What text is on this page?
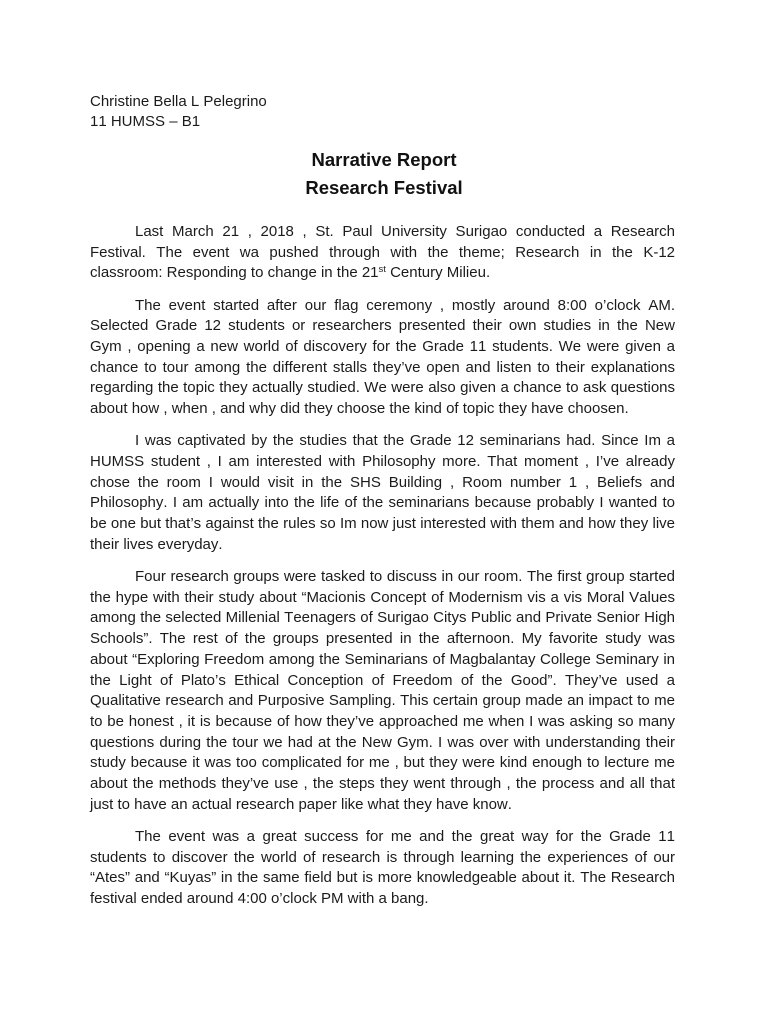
Christine Bella L Pelegrino
11 HUMSS – B1
Narrative Report
Research Festival

Last March 21 , 2018 , St. Paul University Surigao conducted a Research Festival. The event wa pushed through with the theme; Research in the K-12 classroom: Responding to change in the 21st Century Milieu.

The event started after our flag ceremony , mostly around 8:00 o’clock AM. Selected Grade 12 students or researchers presented their own studies in the New Gym , opening a new world of discovery for the Grade 11 students. We were given a chance to tour among the different stalls they’ve open and listen to their explanations regarding the topic they actually studied. We were also given a chance to ask questions about how , when , and why did they choose the kind of topic they have choosen.

I was captivated by the studies that the Grade 12 seminarians had. Since Im a HUMSS student , I am interested with Philosophy more. That moment , I’ve already chose the room I would visit in the SHS Building , Room number 1 , Beliefs and Philosophy. I am actually into the life of the seminarians because probably I wanted to be one but that’s against the rules so Im now just interested with them and how they live their lives everyday.

Four research groups were tasked to discuss in our room. The first group started the hype with their study about “Macionis Concept of Modernism vis a vis Moral Values among the selected Millenial Teenagers of Surigao Citys Public and Private Senior High Schools”. The rest of the groups presented in the afternoon. My favorite study was about “Exploring Freedom among the Seminarians of Magbalantay College Seminary in the Light of Plato’s Ethical Conception of Freedom of the Good”. They’ve used a Qualitative research and Purposive Sampling. This certain group made an impact to me to be honest , it is because of how they’ve approached me when I was asking so many questions during the tour we had at the New Gym. I was over with understanding their study because it was too complicated for me , but they were kind enough to lecture me about the methods they’ve use , the steps they went through , the process and all that just to have an actual research paper like what they have know.

The event was a great success for me and the great way for the Grade 11 students to discover the world of research is through learning the experiences of our “Ates” and “Kuyas” in the same field but is more knowledgeable about it. The Research festival ended around 4:00 o’clock PM with a bang.
